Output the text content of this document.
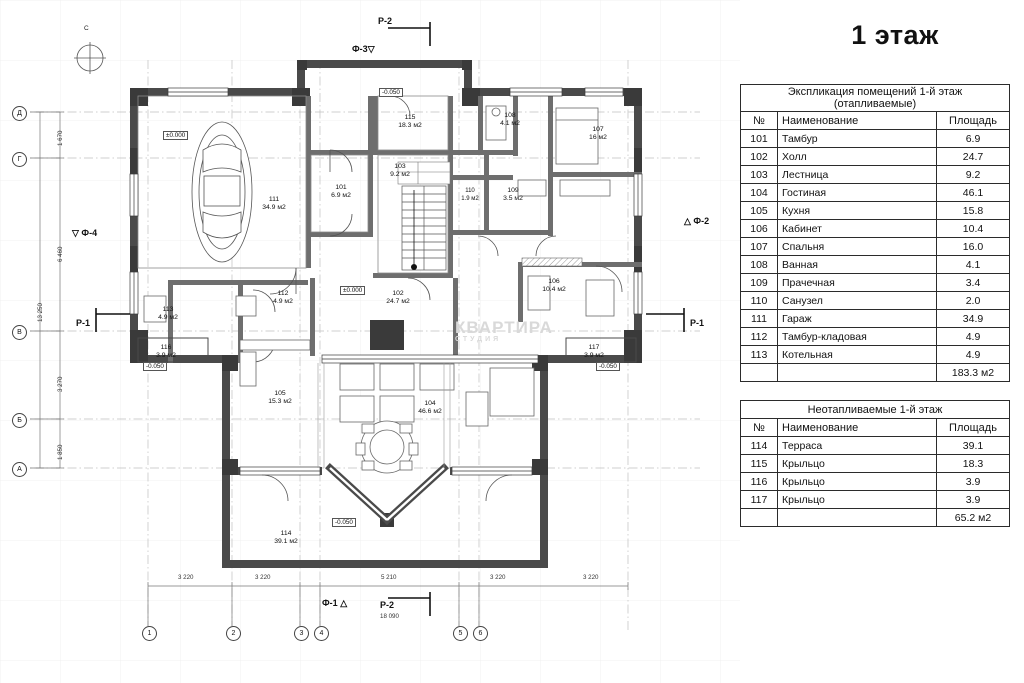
1 этаж
С
Р-2
Ф-3▽
Ф-1 △	Р-2
18 090
▽ Ф-4
△ Ф-2
Р-1	Р-1
-0.050
±0.000
±0.000
-0.050	-0.050
-0.050
111
34.9 м2
101
6.9 м2
103
9.2 м2
115
18.3 м2
108
4.1 м2
110
1.9 м2
109
3.5 м2
107
16 м2
106
10.4 м2
102
24.7 м2
104
46.6 м2
105
15.3 м2
112
4.9 м2
113
4.9 м2
116
3.9 м2
117
3.9 м2
114
39.1 м2
3 220	3 220	5 210	3 220	3 220
1 670
6 460
3 270
1 850
13 250
Д
Г
В
Б
А
1	2	3	4	5	6
КВАРТИРА
СТУДИЯ
Экспликация помещений 1-й этаж
(отапливаемые)		

№	Наименование	Площадь
101	Тамбур	6.9
102	Холл	24.7
103	Лестница	9.2
104	Гостиная	46.1
105	Кухня	15.8
106	Кабинет	10.4
107	Спальня	16.0
108	Ванная	4.1
109	Прачечная	3.4
110	Санузел	2.0
111	Гараж	34.9
112	Тамбур-кладовая	4.9
113	Котельная	4.9
		183.3 м2
Неотапливаемые 1-й этаж		
№	Наименование	Площадь
114	Терраса	39.1
115	Крыльцо	18.3
116	Крыльцо	3.9
117	Крыльцо	3.9
		65.2 м2
